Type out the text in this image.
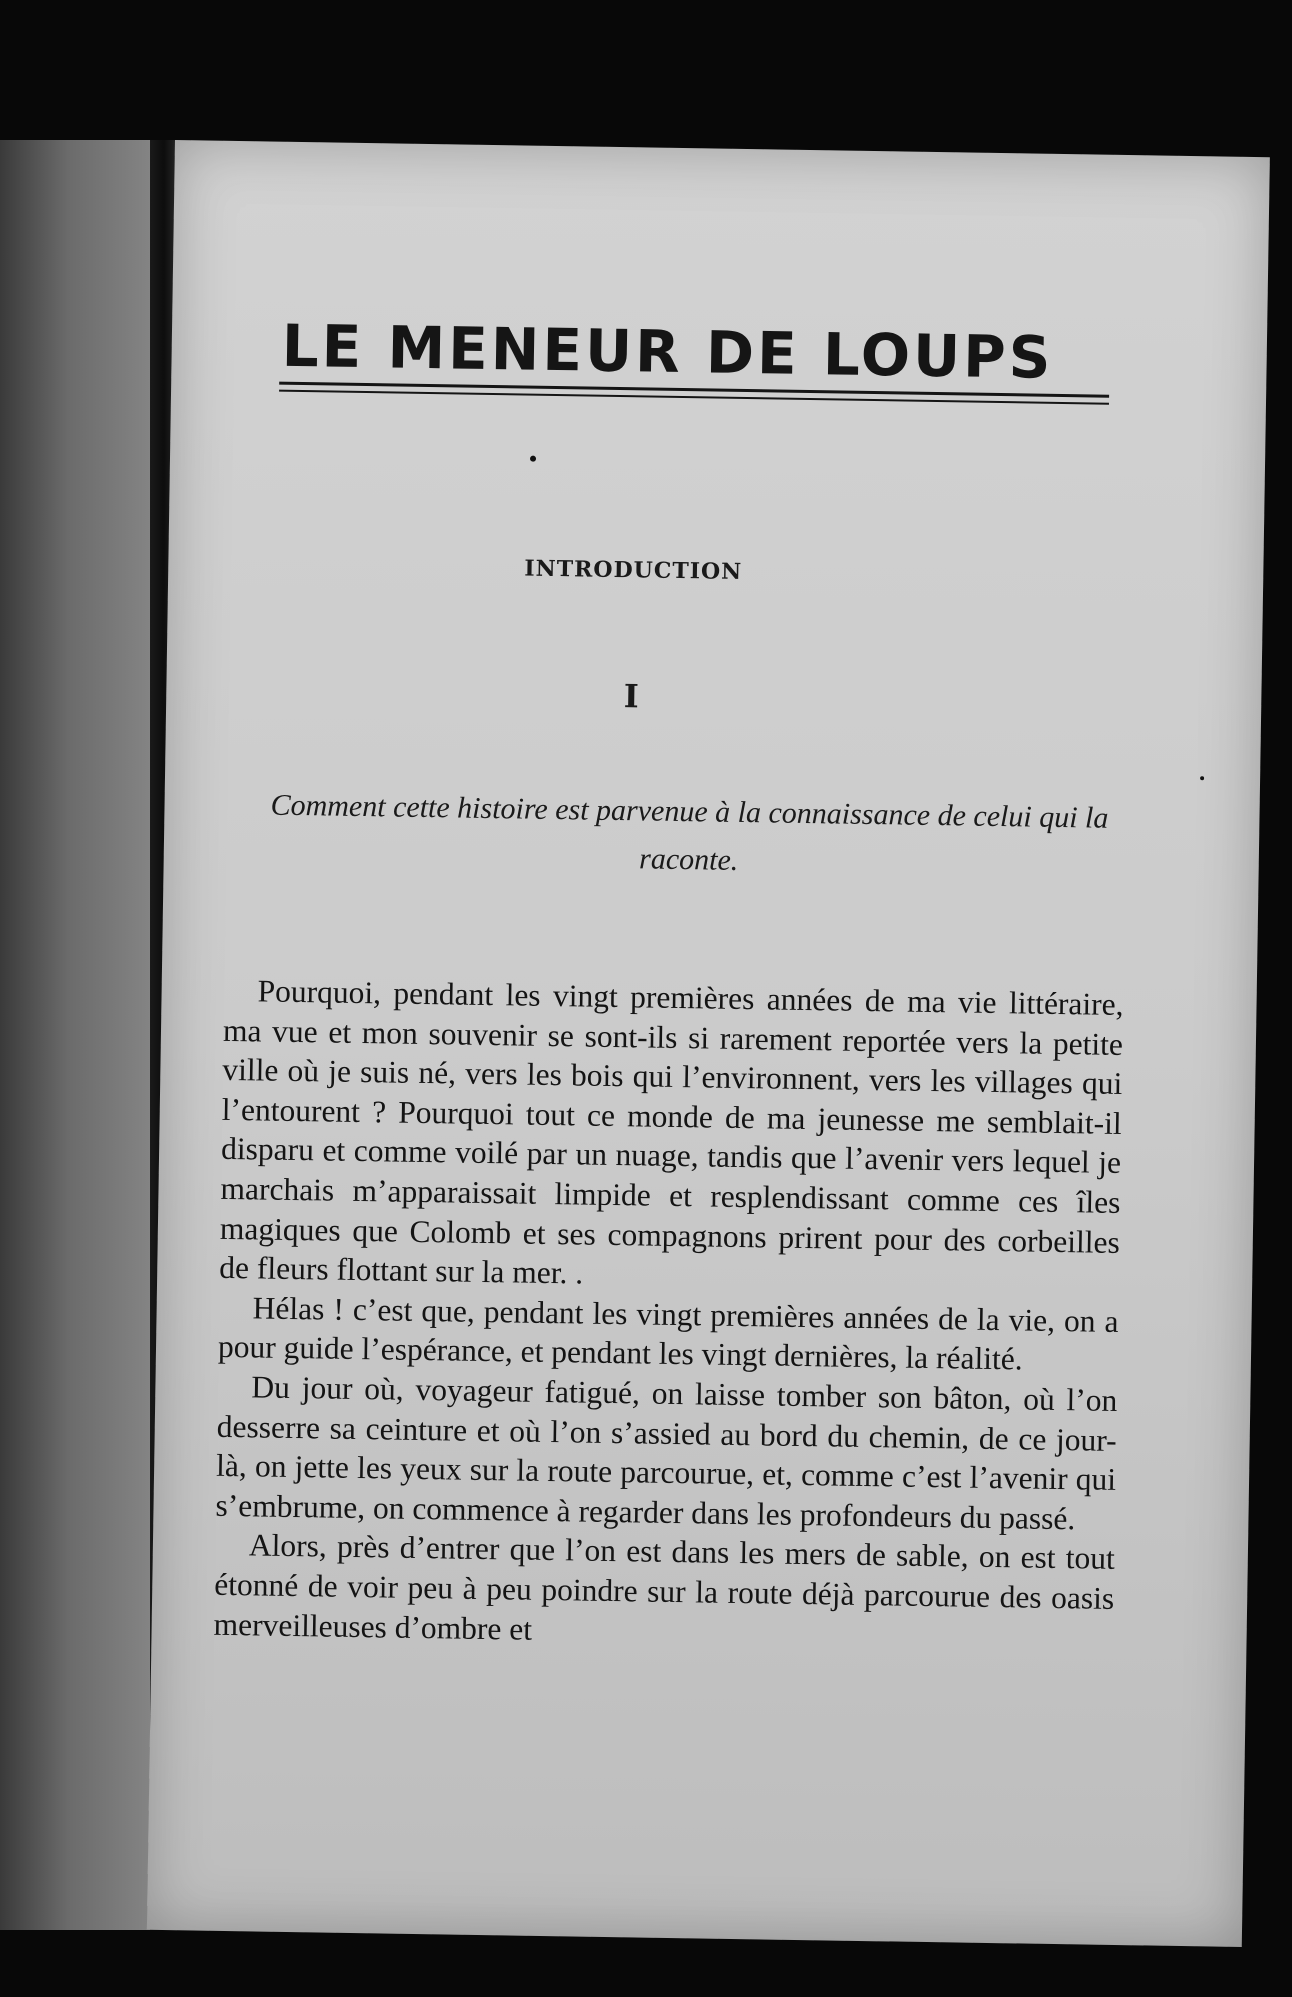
LE MENEUR DE LOUPS
INTRODUCTION
I

Comment cette histoire est parvenue à la connaissance de celui qui la raconte.

Pourquoi, pendant les vingt premières années de ma vie littéraire, ma vue et mon souvenir se sont-ils si rarement reportée vers la petite ville où je suis né, vers les bois qui l’environnent, vers les villages qui l’entourent ? Pourquoi tout ce monde de ma jeunesse me semblait-il disparu et comme voilé par un nuage, tandis que l’avenir vers lequel je marchais m’apparaissait limpide et resplendissant comme ces îles magiques que Colomb et ses compagnons prirent pour des corbeilles de fleurs flottant sur la mer. .

Hélas ! c’est que, pendant les vingt premières années de la vie, on a pour guide l’espérance, et pendant les vingt dernières, la réalité.

Du jour où, voyageur fatigué, on laisse tomber son bâton, où l’on desserre sa ceinture et où l’on s’assied au bord du chemin, de ce jour-là, on jette les yeux sur la route parcourue, et, comme c’est l’avenir qui s’embrume, on commence à regarder dans les profondeurs du passé.

Alors, près d’entrer que l’on est dans les mers de sable, on est tout étonné de voir peu à peu poindre sur la route déjà parcourue des oasis merveilleuses d’ombre et
